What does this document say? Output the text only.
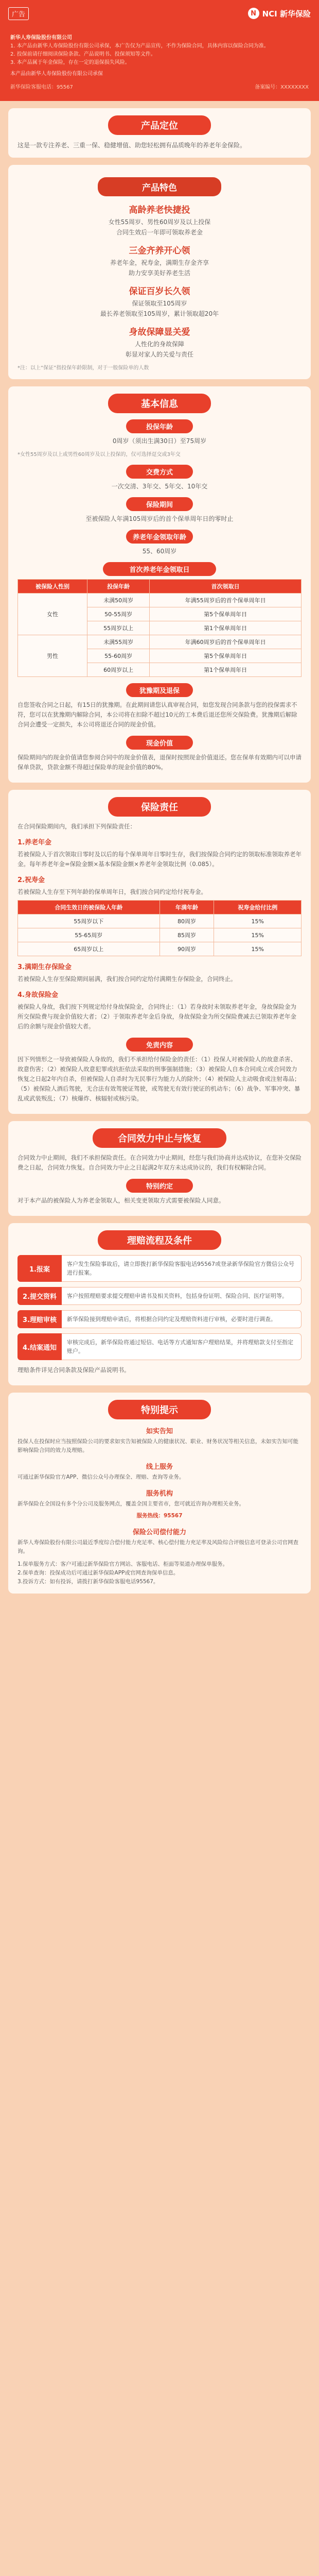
广告	N NCI 新华保险
新华人寿保险股份有限公司
1. 本产品由新华人寿保险股份有限公司承保，本广告仅为产品宣传，不作为保险合同，具体内容以保险合同为准。
2. 投保前请仔细阅读保险条款、产品说明书、投保须知等文件。
3. 本产品属于年金保险，存在一定的退保损失风险。
本产品由新华人寿保险股份有限公司承保
新华保险客服电话：95567	备案编号：XXXXXXXX
产品定位
这是一款专注养老、三重一保、稳健增值、助您轻松拥有品质晚年的养老年金保险。
产品特色
高龄养老快捷投

女性55周岁、男性60周岁及以上投保

合同生效后一年即可领取养老金

三金齐养开心领

养老年金，祝寿金，满期生存金齐享

助力安享美好养老生活

保证百岁长久领

保证领取至105周岁

最长养老领取至105周岁，累计领取超20年

身故保障显关爱

人性化的身故保障

彰显对家人的关爱与责任

*注：以上“保证”指投保年龄限制，对于一般保险单的人数
基本信息
投保年龄
0周岁（须出生满30日）至75周岁
*女性55周岁及以上或男性60周岁及以上投保的，仅可选择趸交或3年交
交费方式
一次交清、3年交、5年交、10年交
保险期间
至被保险人年满105周岁后的首个保单周年日的零时止
养老年金领取年龄
55、60周岁
首次养老年金领取日
被保险人性别	投保年龄	首次领取日
女性	未满50周岁	年满55周岁后的首个保单周年日
	50-55周岁	第5个保单周年日
	55周岁以上	第1个保单周年日
男性	未满55周岁	年满60周岁后的首个保单周年日
	55-60周岁	第5个保单周年日
	60周岁以上	第1个保单周年日
犹豫期及退保
自您签收合同之日起，有15日的犹豫期。在此期间请您认真审视合同，如您发现合同条款与您的投保需求不符，您可以在犹豫期内解除合同，本公司将在扣除不超过10元的工本费后退还您所交保险费。犹豫期后解除合同会遭受一定损失，本公司将退还合同的现金价值。
现金价值
保险期间内的现金价值请您参阅合同中的现金价值表，退保时按照现金价值退还。您在保单有效期内可以申请保单贷款，贷款金额不得超过保险单的现金价值的80%。
保险责任
在合同保险期间内，我们承担下列保险责任：
1.养老年金
若被保险人于首次领取日零时及以后的每个保单周年日零时生存，我们按保险合同约定的领取标准领取养老年金。每年养老年金=保险金额×基本保险金额×养老年金领取比例（0.085）。
2.祝寿金
若被保险人生存至下列年龄的保单周年日，我们按合同约定给付祝寿金。
合同生效日的被保险人年龄	年满年龄	祝寿金给付比例
55周岁以下	80周岁	15%
55-65周岁	85周岁	15%
65周岁以上	90周岁	15%
3.满期生存保险金
若被保险人生存至保险期间届满，我们按合同约定给付满期生存保险金，合同终止。
4.身故保险金
被保险人身故，我们按下列规定给付身故保险金，合同终止：（1）若身故时未领取养老年金，身故保险金为所交保险费与现金价值较大者；（2）于领取养老年金后身故，身故保险金为所交保险费减去已领取养老年金后的余额与现金价值较大者。
免责内容
因下列情形之一导致被保险人身故的，我们不承担给付保险金的责任：（1）投保人对被保险人的故意杀害、故意伤害；（2）被保险人故意犯罪或抗拒依法采取的刑事强制措施；（3）被保险人自本合同成立或合同效力恢复之日起2年内自杀，但被保险人自杀时为无民事行为能力人的除外；（4）被保险人主动吸食或注射毒品；（5）被保险人酒后驾驶，无合法有效驾驶证驾驶，或驾驶无有效行驶证的机动车；（6）战争、军事冲突、暴乱或武装叛乱；（7）核爆炸、核辐射或核污染。
合同效力中止与恢复
合同效力中止期间，我们不承担保险责任。在合同效力中止期间，经您与我们协商并达成协议，在您补交保险费之日起，合同效力恢复。自合同效力中止之日起满2年双方未达成协议的，我们有权解除合同。
特别约定
对于本产品的被保险人为养老金领取人，相关变更领取方式需要被保险人同意。
理赔流程及条件
1.报案
客户发生保险事故后，请立即拨打新华保险客服电话95567或登录新华保险官方微信公众号进行报案。
2.提交资料	客户按照理赔要求提交理赔申请书及相关资料，包括身份证明、保险合同、医疗证明等。
3.理赔审核	新华保险接到理赔申请后，将根据合同约定及理赔资料进行审核，必要时进行调查。
4.结案通知
审核完成后，新华保险将通过短信、电话等方式通知客户理赔结果，并将理赔款支付至指定账户。
理赔条件详见合同条款及保险产品说明书。
特别提示
如实告知
投保人在投保时应当按照保险公司的要求如实告知被保险人的健康状况、职业、财务状况等相关信息，未如实告知可能影响保险合同的效力及理赔。
线上服务
可通过新华保险官方APP、微信公众号办理保全、理赔、查询等业务。
服务机构
新华保险在全国设有多个分公司及服务网点，覆盖全国主要省市，您可就近咨询办理相关业务。
服务热线：95567
保险公司偿付能力
新华人寿保险股份有限公司最近季度综合偿付能力充足率、核心偿付能力充足率及风险综合评级信息可登录公司官网查询。
1.保单服务方式：客户可通过新华保险官方网站、客服电话、柜面等渠道办理保单服务。
2.保单查询：投保成功后可通过新华保险APP或官网查询保单信息。
3.投诉方式：如有投诉，请拨打新华保险客服电话95567。
